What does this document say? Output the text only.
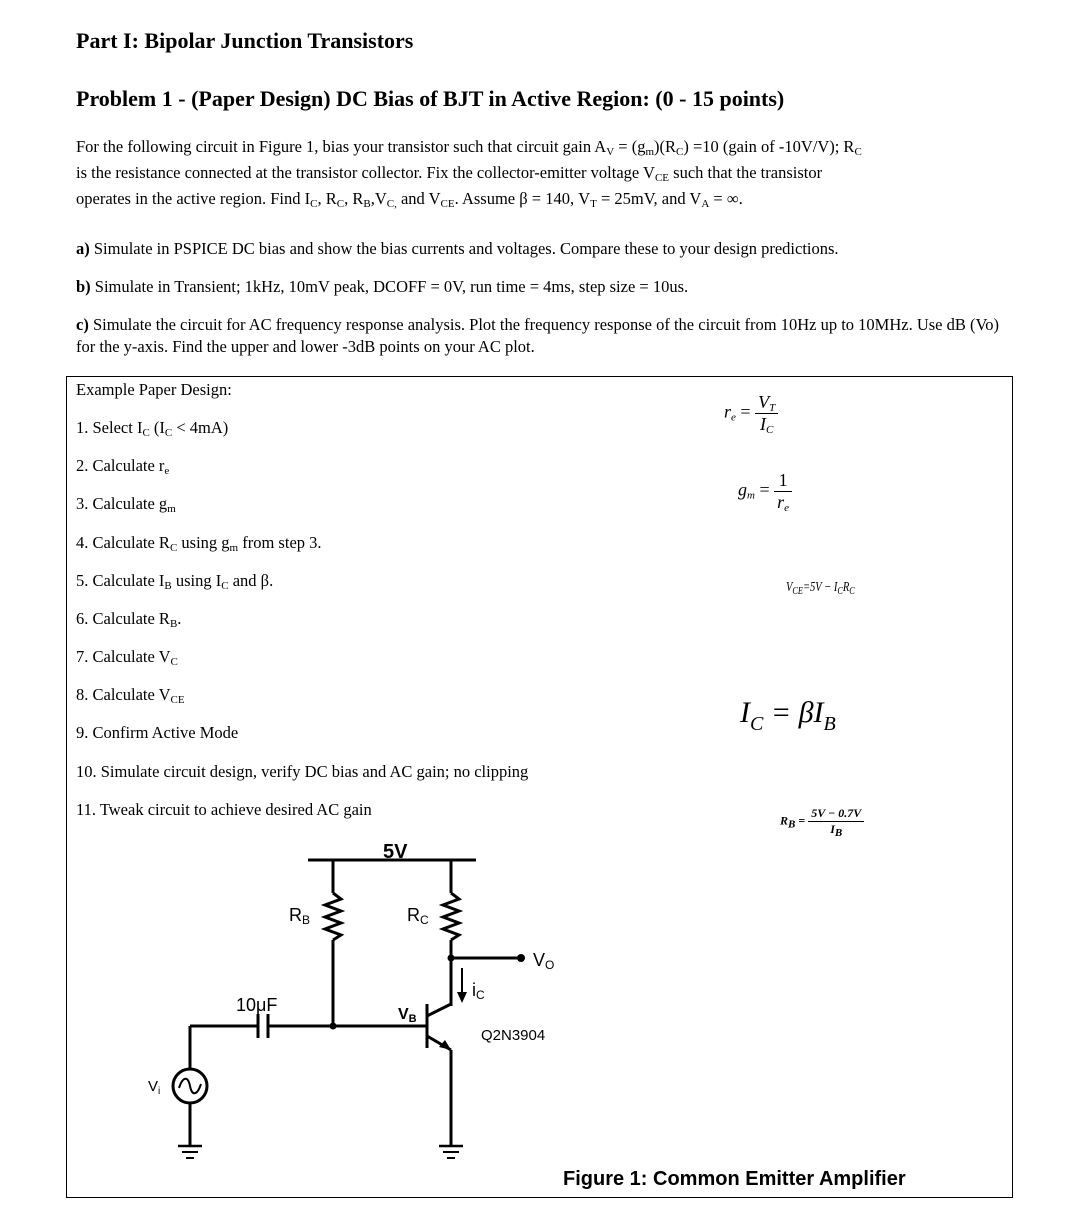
Part I: Bipolar Junction Transistors
Problem 1 - (Paper Design) DC Bias of BJT in Active Region: (0 - 15 points)
For the following circuit in Figure 1, bias your transistor such that circuit gain $A_V = (g_m)(R_C) =10$ (gain of -10V/V); $R_C$
is the resistance connected at the transistor collector. Fix the collector-emitter voltage $V_{CE}$ such that the transistor
operates in the active region. Find $I_C$, $R_C$, $R_B,V_{C,}$ and $V_{CE}$. Assume β = 140, $V_T = 25mV$, and $V_A$ = ∞.
a) Simulate in PSPICE DC bias and show the bias currents and voltages. Compare these to your design predictions.
b) Simulate in Transient; 1kHz, 10mV peak, DCOFF = 0V, run time = 4ms, step size = 10us.
c) Simulate the circuit for AC frequency response analysis. Plot the frequency response of the circuit from 10Hz up to 10MHz. Use dB (Vo) for the y-axis. Find the upper and lower -3dB points on your AC plot.
Example Paper Design:
1. Select $I_C$ $(I_C < 4mA)$
2. Calculate $r_e$
3. Calculate $g_m$
4. Calculate $R_C$ using $g_m$ from step 3.
5. Calculate $I_B$ using $I_C$ and β.
6. Calculate $R_B$.
7. Calculate $V_C$
8. Calculate $V_{CE}$
9. Confirm Active Mode
10. Simulate circuit design, verify DC bias and AC gain; no clipping
11. Tweak circuit to achieve desired AC gain
$r_e = \frac{V_T}{I_C}$
$g_m = \frac{1}{r_e}$
$V_{CE}=5V - I_CR_C$
$I_C = \beta I_B$
$R_B = \frac{5V - 0.7V}{I_B}$
5V
RB	RC
VO
iC
10μF	VB
Q2N3904
$V_i$
Figure 1: Common Emitter Amplifier
